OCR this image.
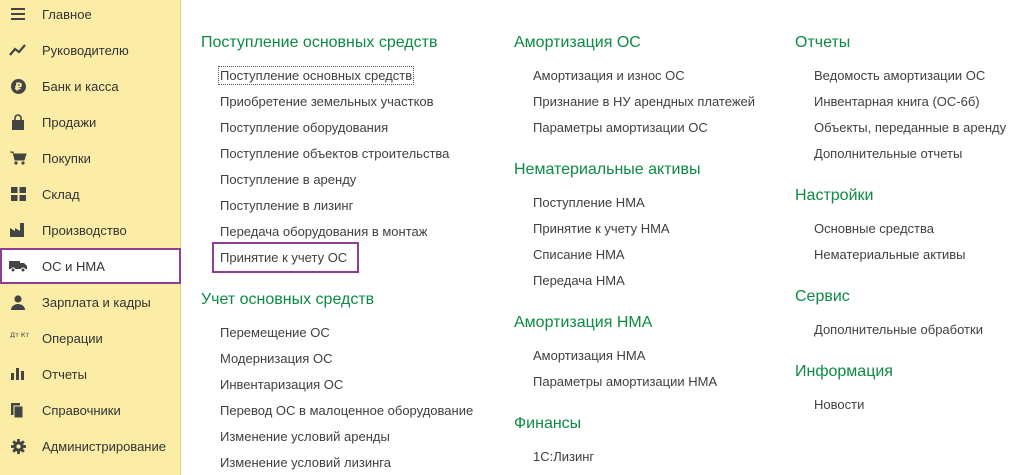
Главное
Руководителю
₽ Банк и касса
Продажи
Покупки
Склад
Производство
ОС и НМА
Зарплата и кадры
Дт Кт Операции
Отчеты
Справочники
Администрирование
Поступление основных средств
Поступление основных средств
Приобретение земельных участков
Поступление оборудования
Поступление объектов строительства
Поступление в аренду
Поступление в лизинг
Передача оборудования в монтаж
Принятие к учету ОС
Учет основных средств
Перемещение ОС
Модернизация ОС
Инвентаризация ОС
Перевод ОС в малоценное оборудование
Изменение условий аренды
Изменение условий лизинга
Амортизация ОС
Амортизация и износ ОС
Признание в НУ арендных платежей
Параметры амортизации ОС
Нематериальные активы
Поступление НМА
Принятие к учету НМА
Списание НМА
Передача НМА
Амортизация НМА
Амортизация НМА
Параметры амортизации НМА
Финансы
1С:Лизинг
Отчеты
Ведомость амортизации ОС
Инвентарная книга (ОС-6б)
Объекты, переданные в аренду
Дополнительные отчеты
Настройки
Основные средства
Нематериальные активы
Сервис
Дополнительные обработки
Информация
Новости
